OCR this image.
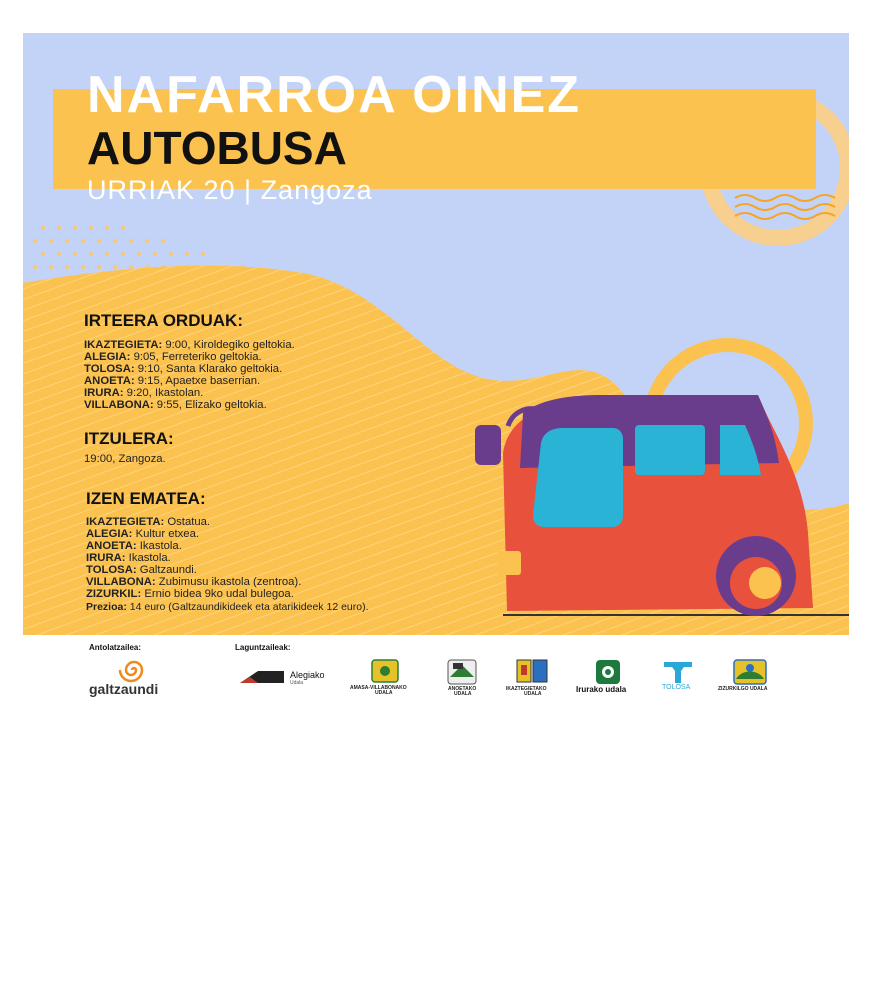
NAFARROA OINEZ
AUTOBUSA
URRIAK 20 | Zangoza
IRTEERA ORDUAK:
IKAZTEGIETA: 9:00, Kiroldegiko geltokia.
ALEGIA: 9:05, Ferreteriko geltokia.
TOLOSA: 9:10, Santa Klarako geltokia.
ANOETA: 9:15, Apaetxe baserrian.
IRURA: 9:20, Ikastolan.
VILLABONA: 9:55, Elizako geltokia.
ITZULERA:
19:00, Zangoza.
IZEN EMATEA:
IKAZTEGIETA: Ostatua.
ALEGIA: Kultur etxea.
ANOETA: Ikastola.
IRURA: Ikastola.
TOLOSA: Galtzaundi.
VILLABONA: Zubimusu ikastola (zentroa).
ZIZURKIL: Ernio bidea 9ko udal bulegoa.
Prezioa: 14 euro (Galtzaundikideek eta atarikideek 12 euro).
Antolatzailea:
galtzaundi
Laguntzaileak:
Alegiako
Udala
AMASA-VILLABONAKO
UDALA
ANOETAKO
UDALA
IKAZTEGIETAKO
UDALA	Irurako udala	TOLOSA	ZIZURKILGO UDALA
